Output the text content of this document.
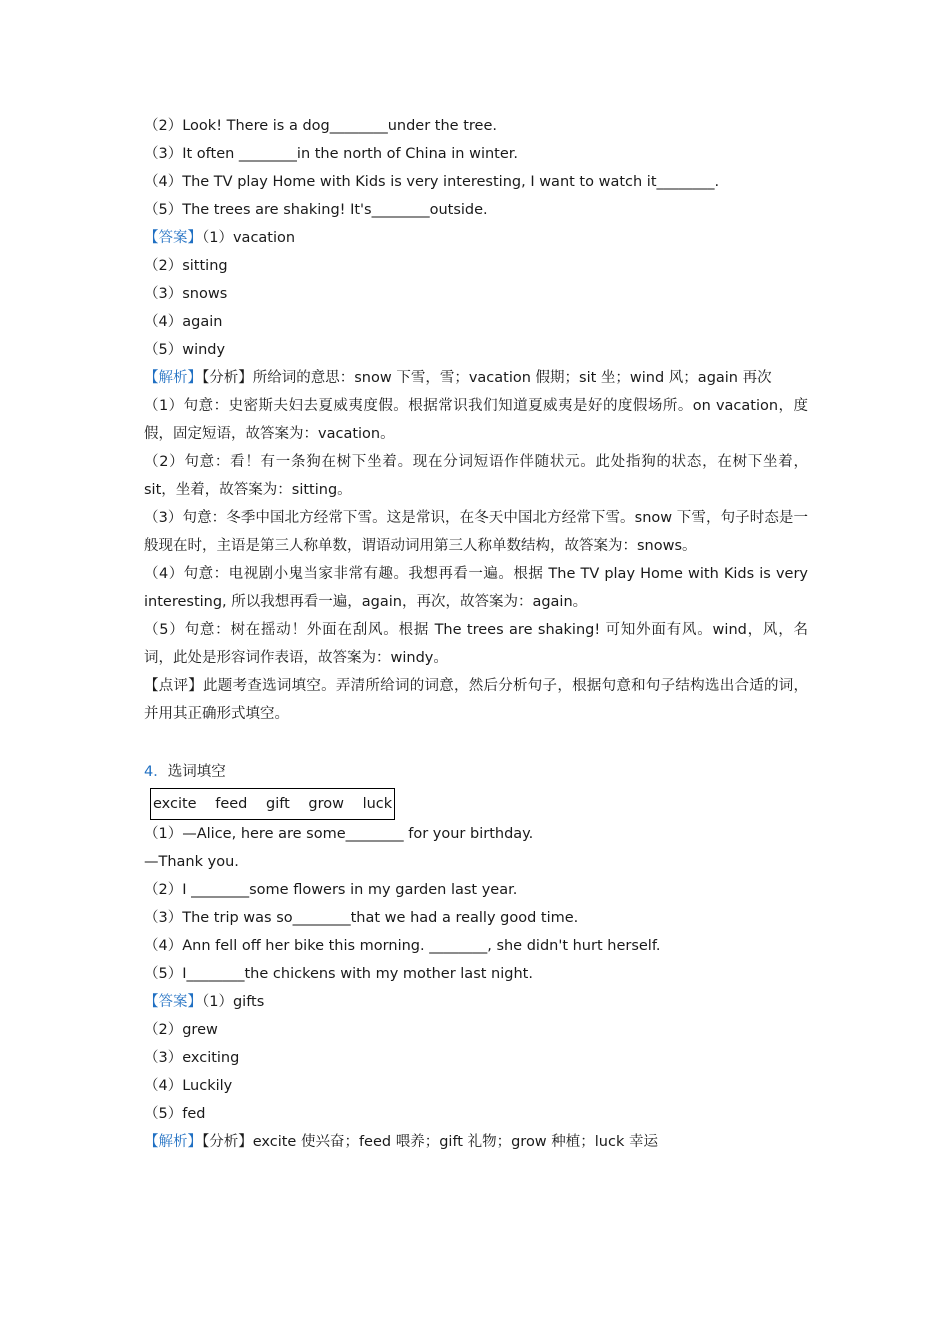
（2）Look! There is a dog________under the tree.
（3）It often ________in the north of China in winter.
（4）The TV play Home with Kids is very interesting, I want to watch it________.
（5）The trees are shaking! It's________outside.
【答案】（1）vacation
（2）sitting
（3）snows
（4）again
（5）windy
【解析】【分析】所给词的意思：snow 下雪，雪；vacation 假期；sit 坐；wind 风；again 再次
（1）句意：史密斯夫妇去夏威夷度假。根据常识我们知道夏威夷是好的度假场所。on vacation，度假，固定短语，故答案为：vacation。
（2）句意：看！有一条狗在树下坐着。现在分词短语作伴随状元。此处指狗的状态，在树下坐着，sit，坐着，故答案为：sitting。
（3）句意：冬季中国北方经常下雪。这是常识，在冬天中国北方经常下雪。snow 下雪，句子时态是一般现在时，主语是第三人称单数，谓语动词用第三人称单数结构，故答案为：snows。
（4）句意：电视剧小鬼当家非常有趣。我想再看一遍。根据 The TV play Home with Kids is very interesting, 所以我想再看一遍，again，再次，故答案为：again。
（5）句意：树在摇动！外面在刮风。根据 The trees are shaking! 可知外面有风。wind，风，名词，此处是形容词作表语，故答案为：windy。
【点评】此题考查选词填空。弄清所给词的词意，然后分析句子，根据句意和句子结构选出合适的词，并用其正确形式填空。
4．选词填空
excite feed gift grow luck
（1）—Alice, here are some________ for your birthday.
—Thank you.
（2）I ________some flowers in my garden last year.
（3）The trip was so________that we had a really good time.
（4）Ann fell off her bike this morning. ________, she didn't hurt herself.
（5）I________the chickens with my mother last night.
【答案】（1）gifts
（2）grew
（3）exciting
（4）Luckily
（5）fed
【解析】【分析】excite 使兴奋；feed 喂养；gift 礼物；grow 种植；luck 幸运
